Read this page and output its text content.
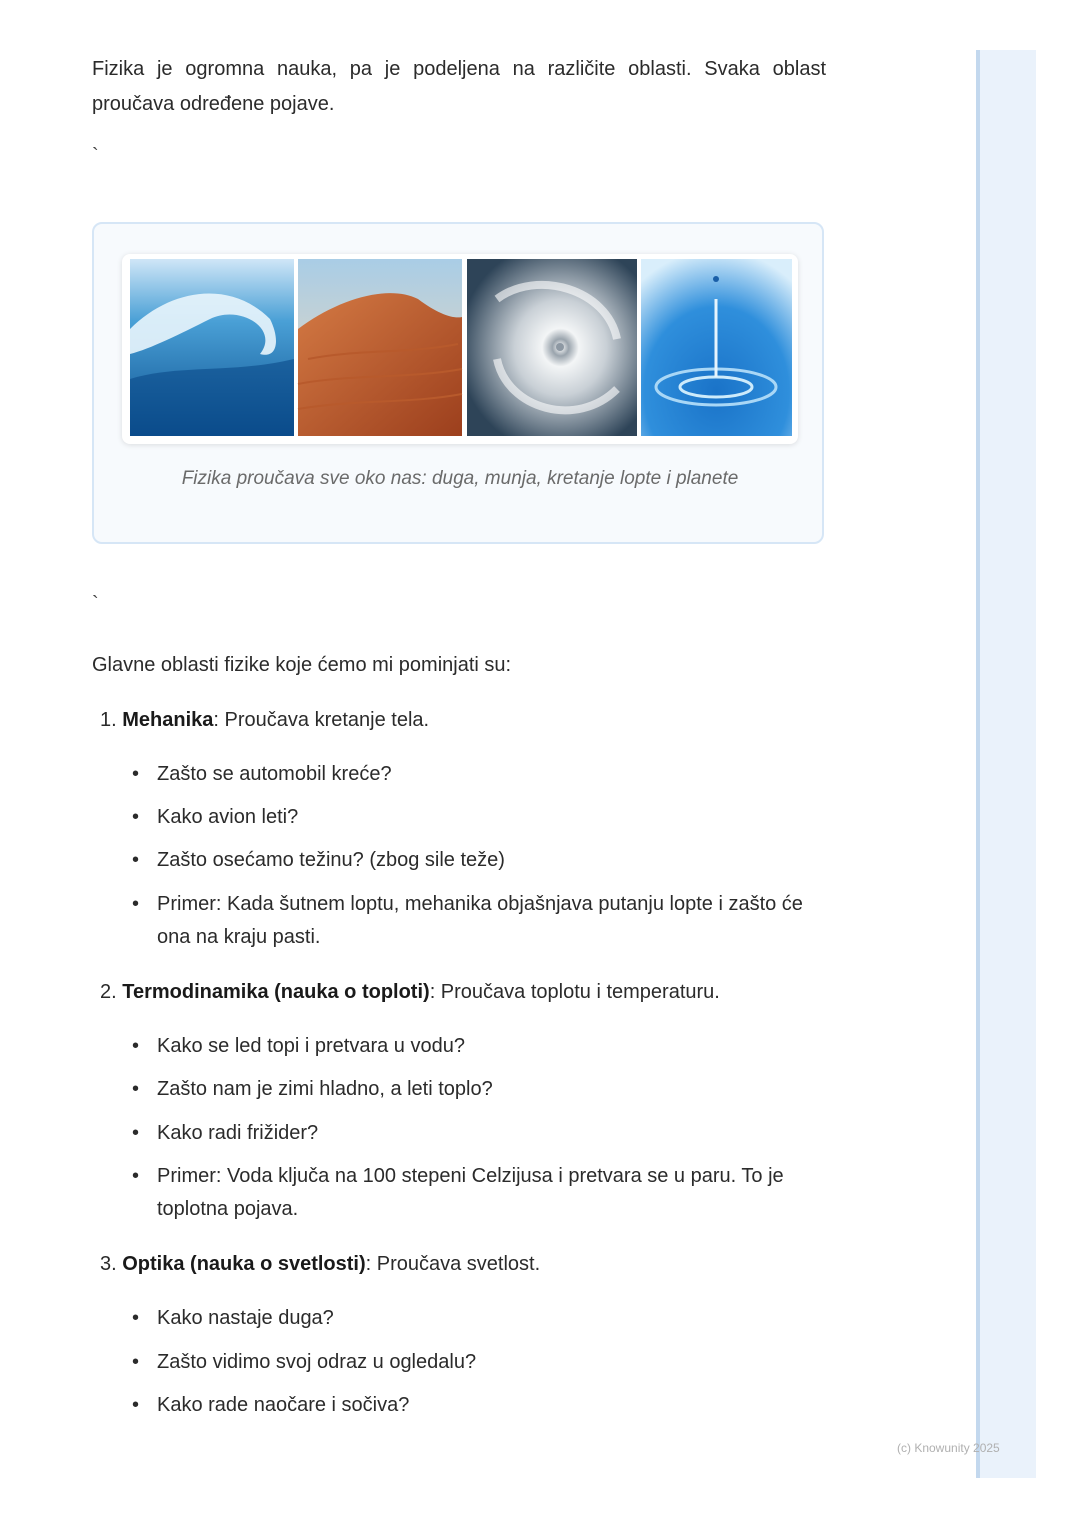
Fizika je ogromna nauka, pa je podeljena na različite oblasti. Svaka oblast proučava određene pojave.

`
Fizika proučava sve oko nas: duga, munja, kretanje lopte i planete
`

Glavne oblasti fizike koje ćemo mi pominjati su:

1. Mehanika: Proučava kretanje tela.
• Zašto se automobil kreće?
• Kako avion leti?
• Zašto osećamo težinu? (zbog sile teže)
• Primer: Kada šutnem loptu, mehanika objašnjava putanju lopte i zašto će ona na kraju pasti.
2. Termodinamika (nauka o toploti): Proučava toplotu i temperaturu.
• Kako se led topi i pretvara u vodu?
• Zašto nam je zimi hladno, a leti toplo?
• Kako radi frižider?
• Primer: Voda ključa na 100 stepeni Celzijusa i pretvara se u paru. To je toplotna pojava.
3. Optika (nauka o svetlosti): Proučava svetlost.
• Kako nastaje duga?
• Zašto vidimo svoj odraz u ogledalu?
• Kako rade naočare i sočiva?
(c) Knowunity 2025
